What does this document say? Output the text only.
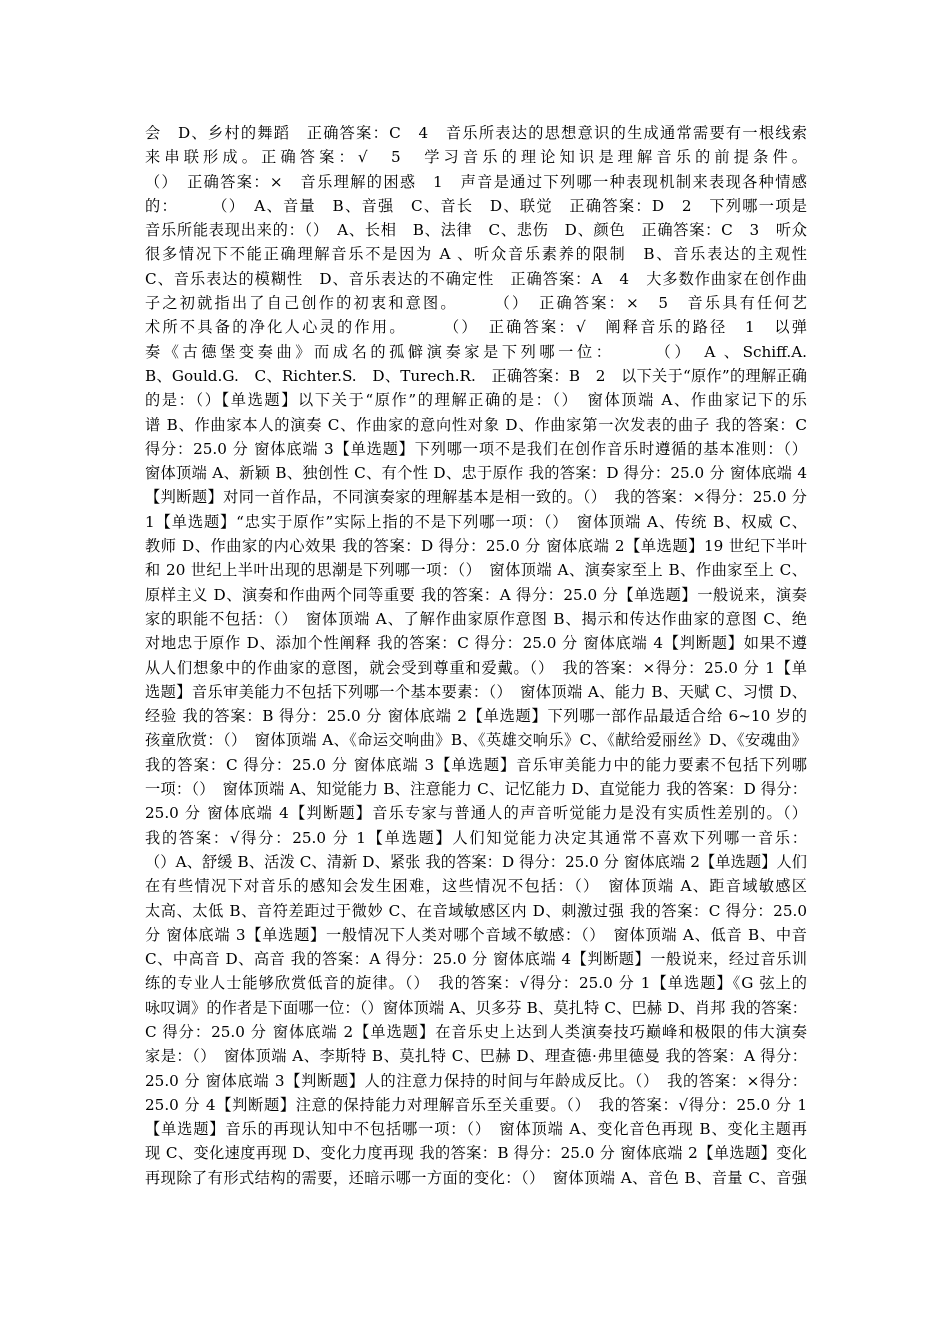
会　D、乡村的舞蹈　正确答案：C　4　音乐所表达的思想意识的生成通常需要有一根线索
来串联形成。正确答案：√　5　学习音乐的理论知识是理解音乐的前提条件。
（）　正确答案：×　音乐理解的困惑　1　声音是通过下列哪一种表现机制来表现各种情感
的：　　　（）　A、音量　B、音强　C、音长　D、联觉　正确答案：D　2　下列哪一项是
音乐所能表现出来的：（）　A、长相　B、法律　C、悲伤　D、颜色　正确答案：C　3　听众
很多情况下不能正确理解音乐不是因为 A 、听众音乐素养的限制　B、音乐表达的主观性
C、音乐表达的模糊性　D、音乐表达的不确定性　正确答案：A　4　大多数作曲家在创作曲
子之初就指出了自己创作的初衷和意图。　　　（）　正确答案：×　5　音乐具有任何艺
术所不具备的净化人心灵的作用。　　　（）　正确答案：√　阐释音乐的路径　1　以弹
奏《古德堡变奏曲》而成名的孤僻演奏家是下列哪一位：　　　（）　A 、Schiff.A.
B、Gould.G.　C、Richter.S.　D、Turech.R.　正确答案：B　2　以下关于“原作”的理解正确
的是：（）【单选题】以下关于“原作”的理解正确的是：（）　窗体顶端 A、作曲家记下的乐
谱 B、作曲家本人的演奏 C、作曲家的意向性对象 D、作曲家第一次发表的曲子 我的答案：C
得分：25.0 分 窗体底端 3【单选题】下列哪一项不是我们在创作音乐时遵循的基本准则：（）
窗体顶端 A、新颖 B、独创性 C、有个性 D、忠于原作 我的答案：D 得分：25.0 分 窗体底端 4
【判断题】对同一首作品，不同演奏家的理解基本是相一致的。（）　我的答案：×得分：25.0 分
1【单选题】“忠实于原作”实际上指的不是下列哪一项：（）　窗体顶端 A、传统 B、权威 C、
教师 D、作曲家的内心效果 我的答案：D 得分：25.0 分 窗体底端 2【单选题】19 世纪下半叶
和 20 世纪上半叶出现的思潮是下列哪一项：（）　窗体顶端 A、演奏家至上 B、作曲家至上 C、
原样主义 D、演奏和作曲两个同等重要 我的答案：A 得分：25.0 分【单选题】一般说来，演奏
家的职能不包括：（）　窗体顶端 A、了解作曲家原作意图 B、揭示和传达作曲家的意图 C、绝
对地忠于原作 D、添加个性阐释 我的答案：C 得分：25.0 分 窗体底端 4【判断题】如果不遵
从人们想象中的作曲家的意图，就会受到尊重和爱戴。（）　我的答案：×得分：25.0 分 1【单
选题】音乐审美能力不包括下列哪一个基本要素：（）　窗体顶端 A、能力 B、天赋 C、习惯 D、
经验 我的答案：B 得分：25.0 分 窗体底端 2【单选题】下列哪一部作品最适合给 6~10 岁的
孩童欣赏：（）　窗体顶端 A、《命运交响曲》B、《英雄交响乐》C、《献给爱丽丝》D、《安魂曲》
我的答案：C 得分：25.0 分 窗体底端 3【单选题】音乐审美能力中的能力要素不包括下列哪
一项：（）　窗体顶端 A、知觉能力 B、注意能力 C、记忆能力 D、直觉能力 我的答案：D 得分：
25.0 分 窗体底端 4【判断题】音乐专家与普通人的声音听觉能力是没有实质性差别的。（）
我的答案：√得分：25.0 分 1【单选题】人们知觉能力决定其通常不喜欢下列哪一音乐：
（）A、舒缓 B、活泼 C、清新 D、紧张 我的答案：D 得分：25.0 分 窗体底端 2【单选题】人们
在有些情况下对音乐的感知会发生困难，这些情况不包括：（）　窗体顶端 A、距音域敏感区
太高、太低 B、音符差距过于微妙 C、在音域敏感区内 D、刺激过强 我的答案：C 得分：25.0
分 窗体底端 3【单选题】一般情况下人类对哪个音域不敏感：（）　窗体顶端 A、低音 B、中音
C、中高音 D、高音 我的答案：A 得分：25.0 分 窗体底端 4【判断题】一般说来，经过音乐训
练的专业人士能够欣赏低音的旋律。（）　我的答案：√得分：25.0 分 1【单选题】《G 弦上的
咏叹调》的作者是下面哪一位：（）窗体顶端 A、贝多芬 B、莫扎特 C、巴赫 D、肖邦 我的答案：
C 得分：25.0 分 窗体底端 2【单选题】在音乐史上达到人类演奏技巧巅峰和极限的伟大演奏
家是：（）　窗体顶端 A、李斯特 B、莫扎特 C、巴赫 D、理查德·弗里德曼 我的答案：A 得分：
25.0 分 窗体底端 3【判断题】人的注意力保持的时间与年龄成反比。（）　我的答案：×得分：
25.0 分 4【判断题】注意的保持能力对理解音乐至关重要。（）　我的答案：√得分：25.0 分 1
【单选题】音乐的再现认知中不包括哪一项：（）　窗体顶端 A、变化音色再现 B、变化主题再
现 C、变化速度再现 D、变化力度再现 我的答案：B 得分：25.0 分 窗体底端 2【单选题】变化
再现除了有形式结构的需要，还暗示哪一方面的变化：（）　窗体顶端 A、音色 B、音量 C、音强
